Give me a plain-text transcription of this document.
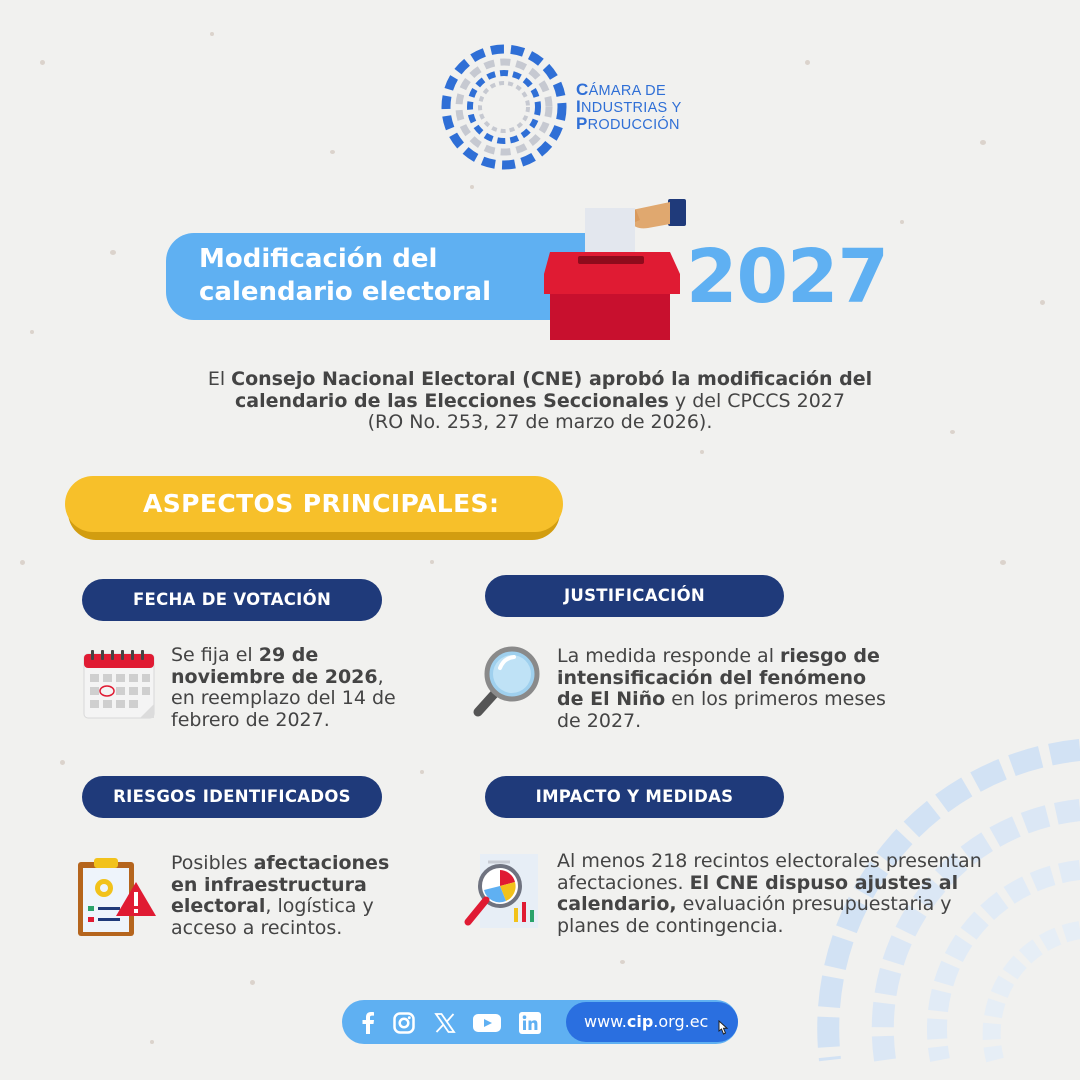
CÁMARA DE
INDUSTRIAS Y
PRODUCCIÓN
Modificación del
calendario electoral	2027
El Consejo Nacional Electoral (CNE) aprobó la modificación del calendario de las Elecciones Seccionales y del CPCCS 2027
(RO No. 253, 27 de marzo de 2026).
ASPECTOS PRINCIPALES:
FECHA DE VOTACIÓN	JUSTIFICACIÓN
RIESGOS IDENTIFICADOS	IMPACTO Y MEDIDAS
Se fija el 29 de noviembre de 2026, en reemplazo del 14 de febrero de 2027.
La medida responde al riesgo de intensificación del fenómeno de El Niño en los primeros meses de 2027.
Posibles afectaciones en infraestructura electoral, logística y acceso a recintos.
Al menos 218 recintos electorales presentan afectaciones. El CNE dispuso ajustes al calendario, evaluación presupuestaria y planes de contingencia.
www.cip.org.ec
